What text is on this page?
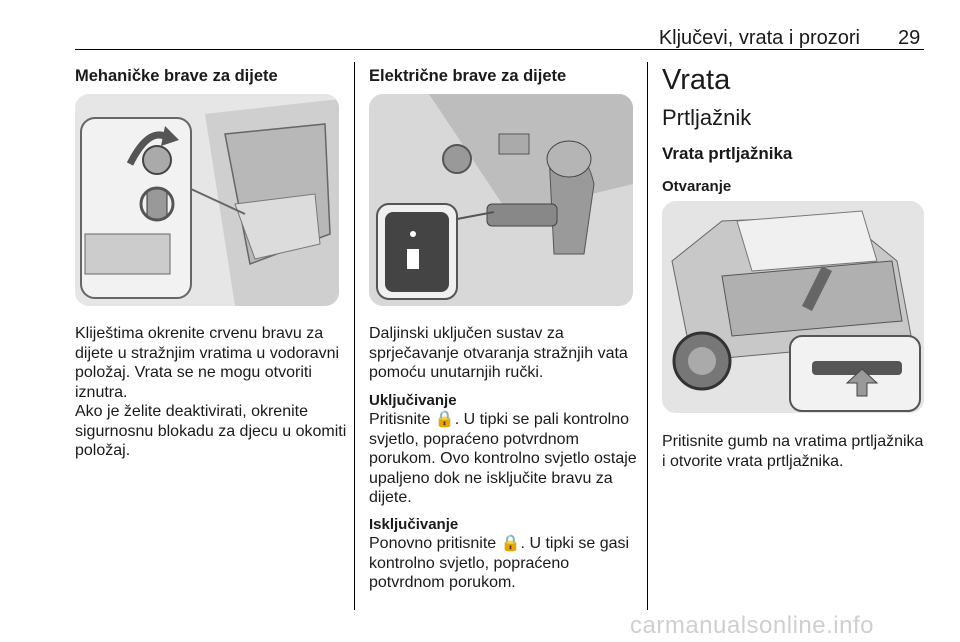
Ključevi, vrata i prozori 29
Mehaničke brave za dijete

Kliještima okrenite crvenu bravu za dijete u stražnjim vratima u vodoravni položaj. Vrata se ne mogu otvoriti iznutra.

Ako je želite deaktivirati, okrenite sigurnosnu blokadu za djecu u okomiti položaj.

Električne brave za dijete

Daljinski uključen sustav za sprječavanje otvaranja stražnjih vata pomoću unutarnjih ručki.

Uključivanje

Pritisnite 🔒. U tipki se pali kontrolno svjetlo, popraćeno potvrdnom porukom. Ovo kontrolno svjetlo ostaje upaljeno dok ne isključite bravu za dijete.

Isključivanje

Ponovno pritisnite 🔒. U tipki se gasi kontrolno svjetlo, popraćeno potvrdnom porukom.

Vrata
Prtljažnik
Vrata prtljažnika
Otvaranje

Pritisnite gumb na vratima prtljažnika i otvorite vrata prtljažnika.

carmanualsonline.info
